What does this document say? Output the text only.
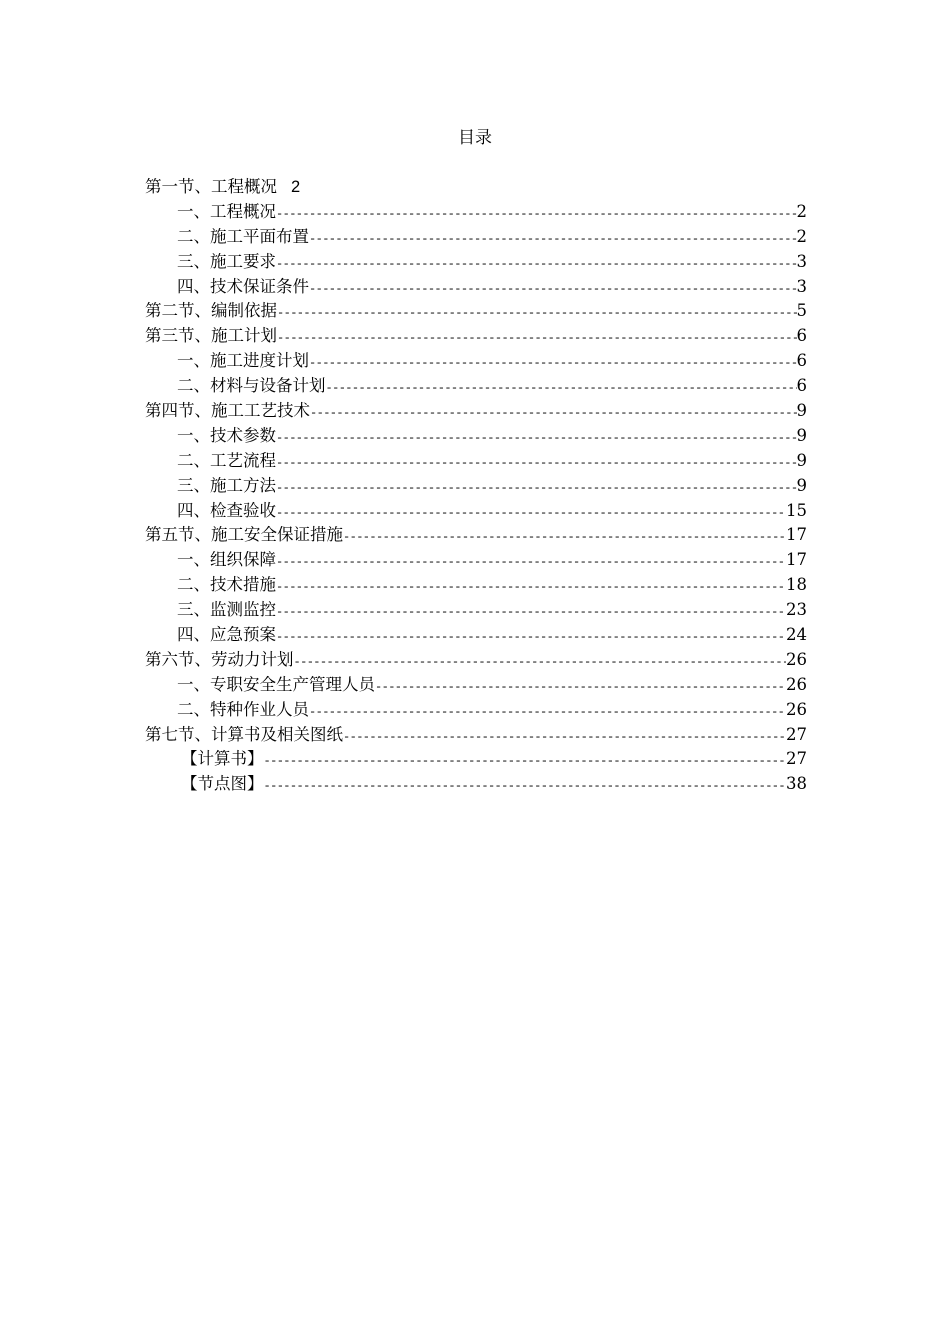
目录
第一节、工程概况 2
一、工程概况 -----	2
二、施工平面布置 -----	2
三、施工要求 -----	3
四、技术保证条件 -----	3
第二节、编制依据 -----	5
第三节、施工计划 -----	6
一、施工进度计划 -----	6
二、材料与设备计划 -----	6
第四节、施工工艺技术 -----	9
一、技术参数 -----	9
二、工艺流程 -----	9
三、施工方法 -----	9
四、检查验收 -----	15
第五节、施工安全保证措施 -----	17
一、组织保障 -----	17
二、技术措施 -----	18
三、监测监控 -----	23
四、应急预案 -----	24
第六节、劳动力计划 -----	26
一、专职安全生产管理人员 -----	26
二、特种作业人员 -----	26
第七节、计算书及相关图纸 -----	27
【计算书】 -----	27
【节点图】 -----	38
